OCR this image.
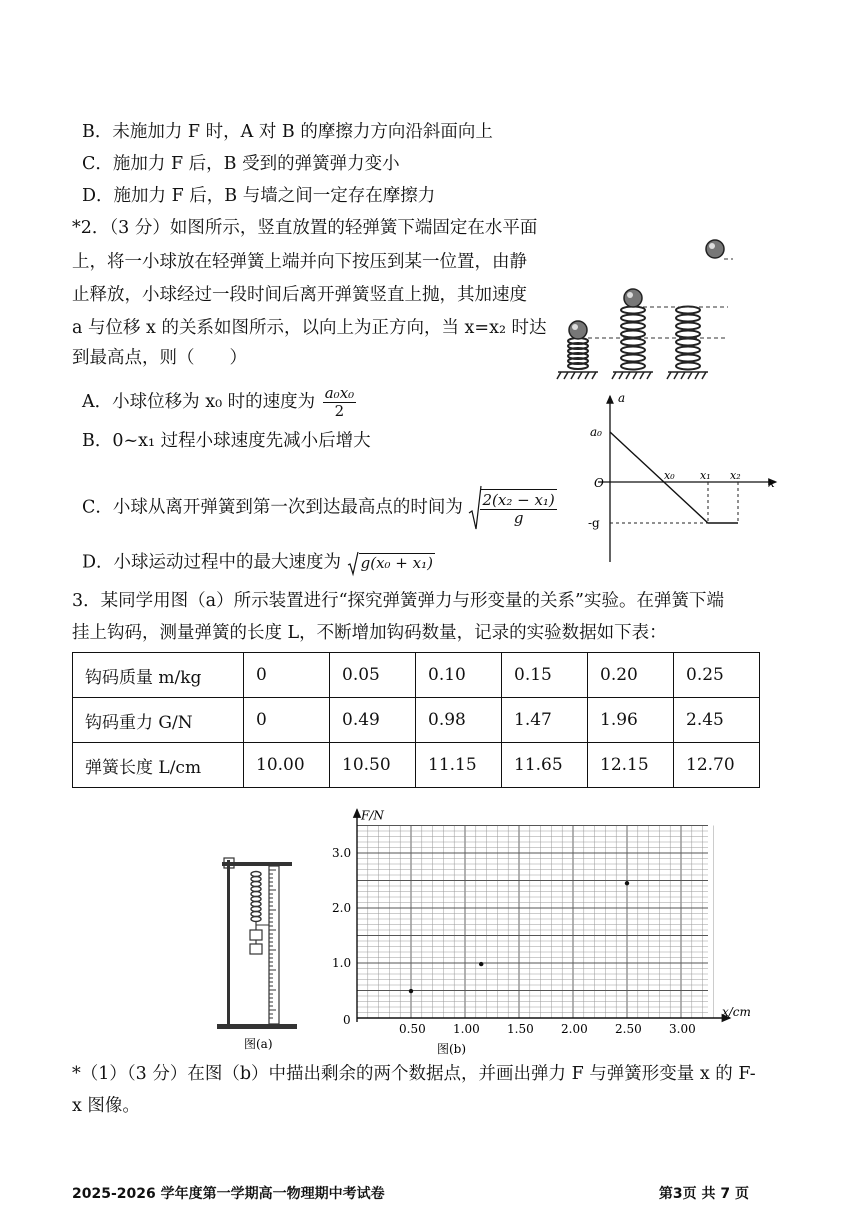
B．未施加力 F 时，A 对 B 的摩擦力方向沿斜面向上
C．施加力 F 后，B 受到的弹簧弹力变小
D．施加力 F 后，B 与墙之间一定存在摩擦力
*2．（3 分）如图所示，竖直放置的轻弹簧下端固定在水平面
上，将一小球放在轻弹簧上端并向下按压到某一位置，由静
止释放，小球经过一段时间后离开弹簧竖直上抛，其加速度
a 与位移 x 的关系如图所示，以向上为正方向，当 x=x₂ 时达
到最高点，则（　　）
A．小球位移为 x₀ 时的速度为 $\frac{\text{a₀x₀}}{2}$
B．0~x₁ 过程小球速度先减小后增大
C．小球从离开弹簧到第一次到达最高点的时间为 $\frac{\text{2(x₂ − x₁)}}{g}$
D．小球运动过程中的最大速度为 g(x₀ + x₁)
a
a₀
O
x₀ x₁ x₂
x
-g
3．某同学用图（a）所示装置进行“探究弹簧弹力与形变量的关系”实验。在弹簧下端
挂上钩码，测量弹簧的长度 L，不断增加钩码数量，记录的实验数据如下表：
钩码质量 m/kg	0	0.05	0.10	0.15	0.20	0.25
钩码重力 G/N	0	0.49	0.98	1.47	1.96	2.45
弹簧长度 L/cm	10.00	10.50	11.15	11.65	12.15	12.70
图(a)
x/cm
F/N
0
0.50 1.00 1.50 2.00 2.50 3.00
1.0
2.0
3.0
图(b)
*（1）（3 分）在图（b）中描出剩余的两个数据点，并画出弹力 F 与弹簧形变量 x 的 F-
x 图像。
2025-2026 学年度第一学期高一物理期中考试卷	第3页 共 7 页
